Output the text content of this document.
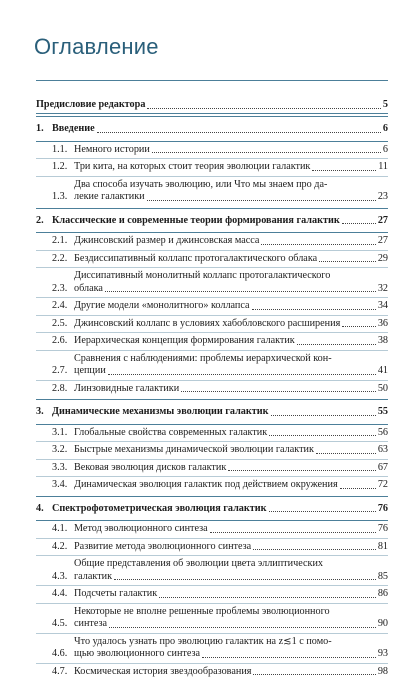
Оглавление
Предисловие редактора	5
1. Введение	6
1.1. Немного истории	6
1.2. Три кита, на которых стоит теория эволюции галактик	11
1.3.
Два способа изучать эволюцию, или Что мы знаем про да-
лекие галактики	23
2. Классические и современные теории формирования галактик	27
2.1. Джинсовский размер и джинсовская масса	27
2.2. Бездиссипативный коллапс протогалактического облака	29
2.3.
Диссипативный монолитный коллапс протогалактического
облака	32
2.4. Другие модели «монолитного» коллапса	34
2.5. Джинсовский коллапс в условиях хабобловского расширения	36
2.6. Иерархическая концепция формирования галактик	38
2.7.
Сравнения с наблюдениями: проблемы иерархической кон-
цепции	41
2.8. Линзовидные галактики	50
3. Динамические механизмы эволюции галактик	55
3.1. Глобальные свойства современных галактик	56
3.2. Быстрые механизмы динамической эволюции галактик	63
3.3. Вековая эволюция дисков галактик	67
3.4. Динамическая эволюция галактик под действием окружения	72
4. Спектрофотометрическая эволюция галактик	76
4.1. Метод эволюционного синтеза	76
4.2. Развитие метода эволюционного синтеза	81
4.3.
Общие представления об эволюции цвета эллиптических
галактик	85
4.4. Подсчеты галактик	86
4.5.
Некоторые не вполне решенные проблемы эволюционного
синтеза	90
4.6.
Что удалось узнать про эволюцию галактик на z≲1 с помо-
щью эволюционного синтеза	93
4.7. Космическая история звездообразования	98
